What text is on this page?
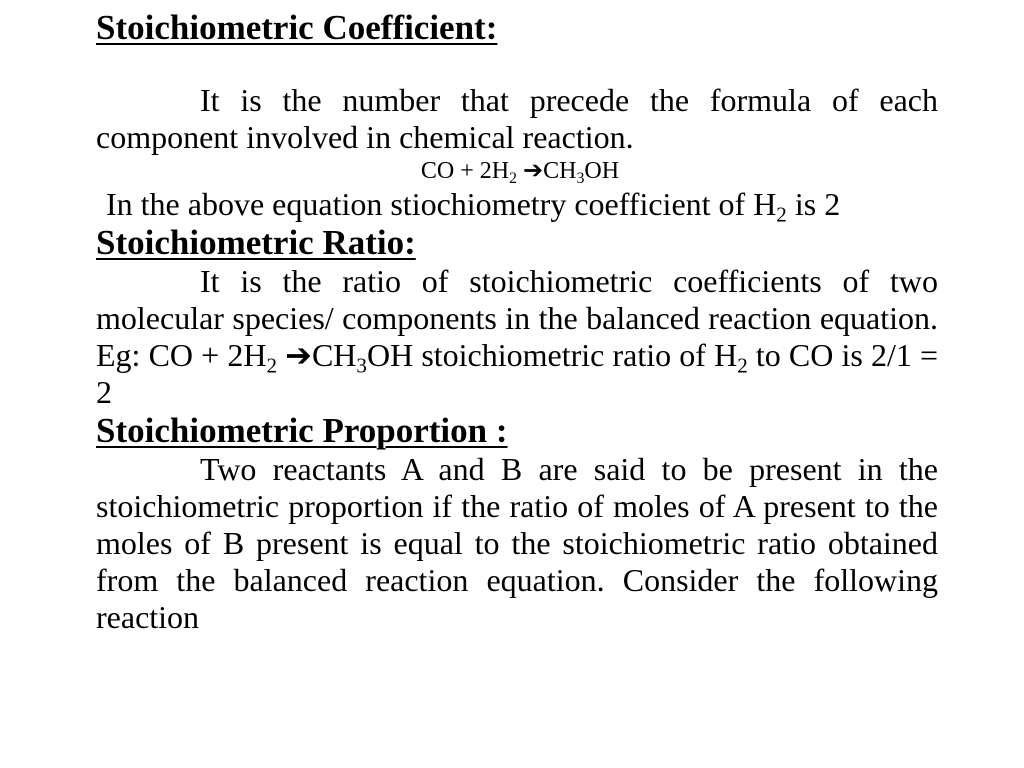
Stoichiometric Coefficient:

It is the number that precede the formula of each component involved in chemical reaction.

CO + $2H_2$ $➔CH_3OH$

In the above equation stiochiometry coefficient of $H_2$ is 2

Stoichiometric Ratio:

It is the ratio of stoichiometric coefficients of two molecular species/ components in the balanced reaction equation. Eg: CO + $2H_2$ $➔CH_3OH$ stoichiometric ratio of $H_2$ to CO is 2/1 = 2

Stoichiometric Proportion :

Two reactants A and B are said to be present in the stoichiometric proportion if the ratio of moles of A present to the moles of B present is equal to the stoichiometric ratio obtained from the balanced reaction equation. Consider the following reaction
